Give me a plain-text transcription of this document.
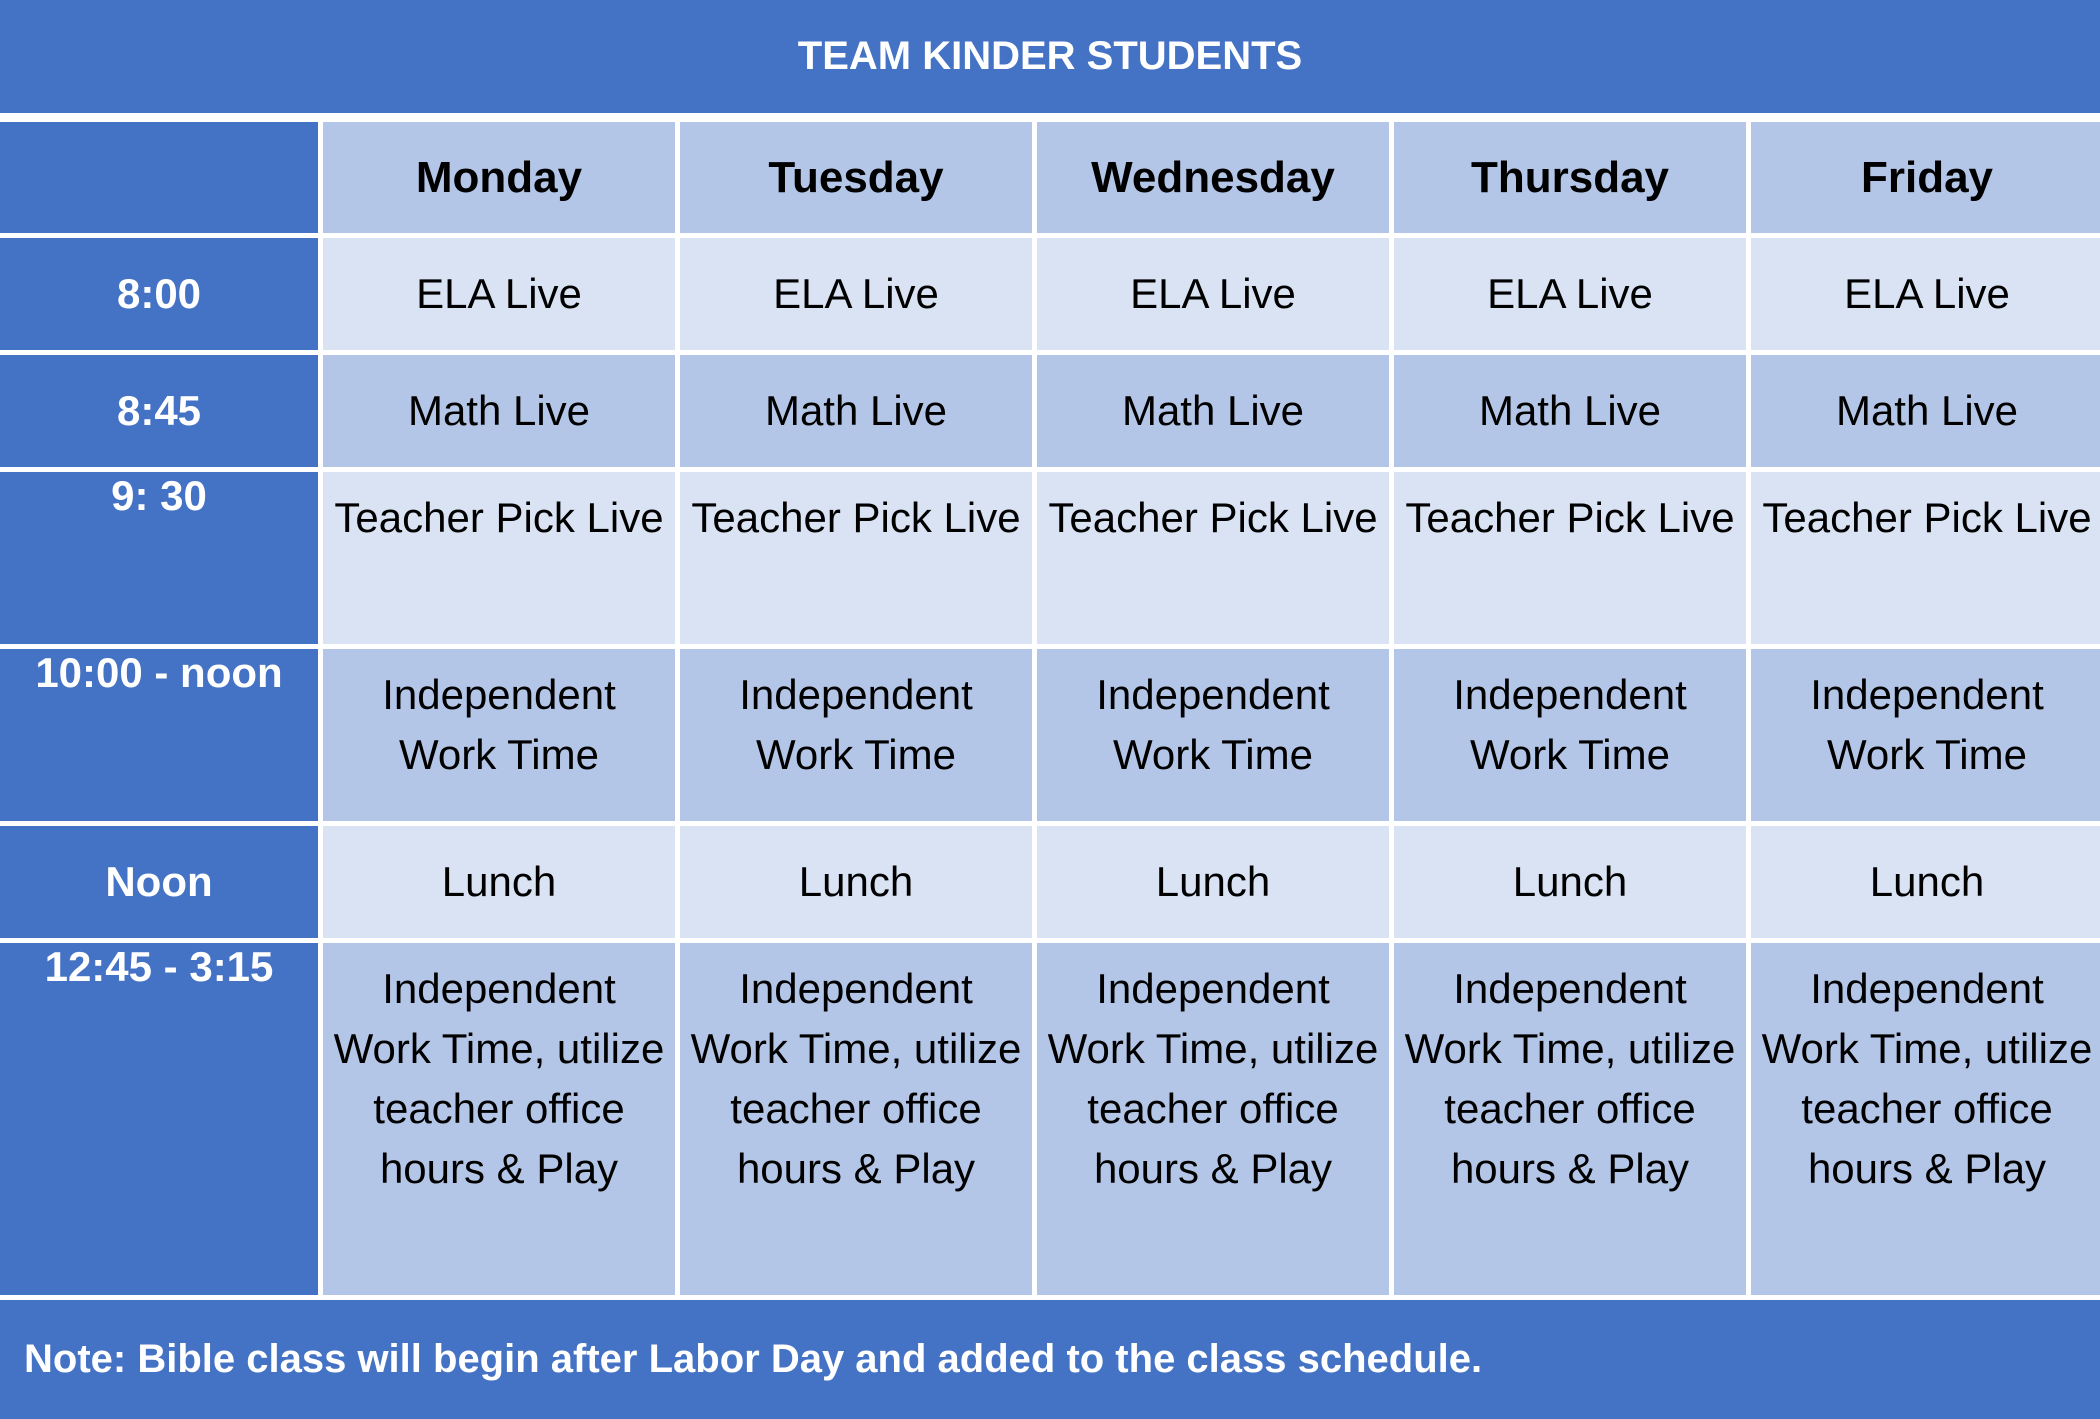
TEAM KINDER STUDENTS
	Monday	Tuesday	Wednesday	Thursday	Friday
8:00	ELA Live	ELA Live	ELA Live	ELA Live	ELA Live
8:45	Math Live	Math Live	Math Live	Math Live	Math Live
9: 30	Teacher Pick Live	Teacher Pick Live	Teacher Pick Live	Teacher Pick Live	Teacher Pick Live
10:00 - noon	Independent Work Time	Independent Work Time	Independent Work Time	Independent Work Time	Independent Work Time
Noon	Lunch	Lunch	Lunch	Lunch	Lunch
12:45 - 3:15	Independent Work Time, utilize teacher office hours & Play	Independent Work Time, utilize teacher office hours & Play	Independent Work Time, utilize teacher office hours & Play	Independent Work Time, utilize teacher office hours & Play	Independent Work Time, utilize teacher office hours & Play
Note: Bible class will begin after Labor Day and added to the class schedule.
